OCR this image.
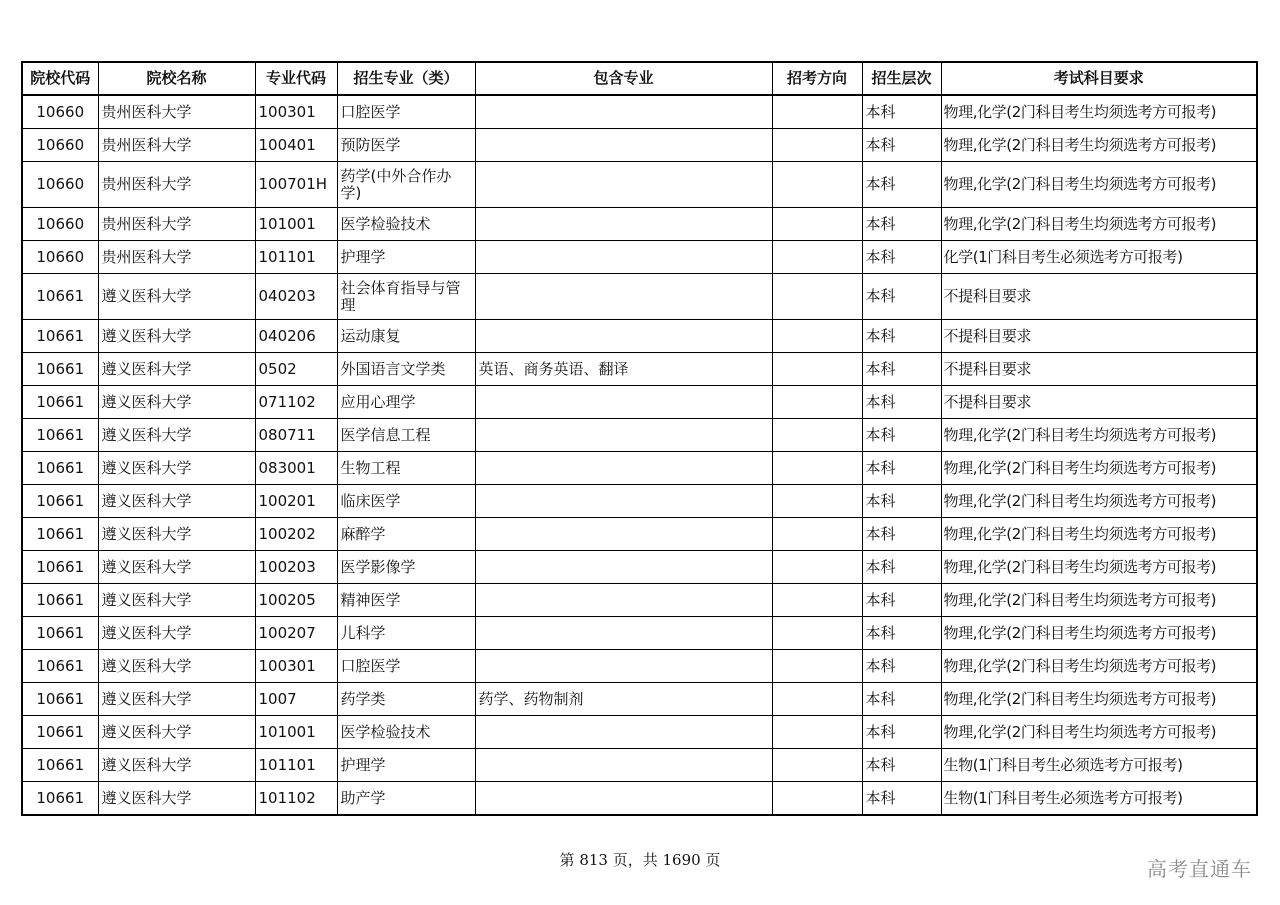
院校代码	院校名称	专业代码	招生专业（类）	包含专业	招考方向	招生层次	考试科目要求
10660	贵州医科大学	100301	口腔医学			本科	物理,化学(2门科目考生均须选考方可报考)
10660	贵州医科大学	100401	预防医学			本科	物理,化学(2门科目考生均须选考方可报考)
10660	贵州医科大学	100701H	药学(中外合作办学)			本科	物理,化学(2门科目考生均须选考方可报考)
10660	贵州医科大学	101001	医学检验技术			本科	物理,化学(2门科目考生均须选考方可报考)
10660	贵州医科大学	101101	护理学			本科	化学(1门科目考生必须选考方可报考)
10661	遵义医科大学	040203	社会体育指导与管理			本科	不提科目要求
10661	遵义医科大学	040206	运动康复			本科	不提科目要求
10661	遵义医科大学	0502	外国语言文学类	英语、商务英语、翻译		本科	不提科目要求
10661	遵义医科大学	071102	应用心理学			本科	不提科目要求
10661	遵义医科大学	080711	医学信息工程			本科	物理,化学(2门科目考生均须选考方可报考)
10661	遵义医科大学	083001	生物工程			本科	物理,化学(2门科目考生均须选考方可报考)
10661	遵义医科大学	100201	临床医学			本科	物理,化学(2门科目考生均须选考方可报考)
10661	遵义医科大学	100202	麻醉学			本科	物理,化学(2门科目考生均须选考方可报考)
10661	遵义医科大学	100203	医学影像学			本科	物理,化学(2门科目考生均须选考方可报考)
10661	遵义医科大学	100205	精神医学			本科	物理,化学(2门科目考生均须选考方可报考)
10661	遵义医科大学	100207	儿科学			本科	物理,化学(2门科目考生均须选考方可报考)
10661	遵义医科大学	100301	口腔医学			本科	物理,化学(2门科目考生均须选考方可报考)
10661	遵义医科大学	1007	药学类	药学、药物制剂		本科	物理,化学(2门科目考生均须选考方可报考)
10661	遵义医科大学	101001	医学检验技术			本科	物理,化学(2门科目考生均须选考方可报考)
10661	遵义医科大学	101101	护理学			本科	生物(1门科目考生必须选考方可报考)
10661	遵义医科大学	101102	助产学			本科	生物(1门科目考生必须选考方可报考)
第 813 页，共 1690 页	高考直通车
